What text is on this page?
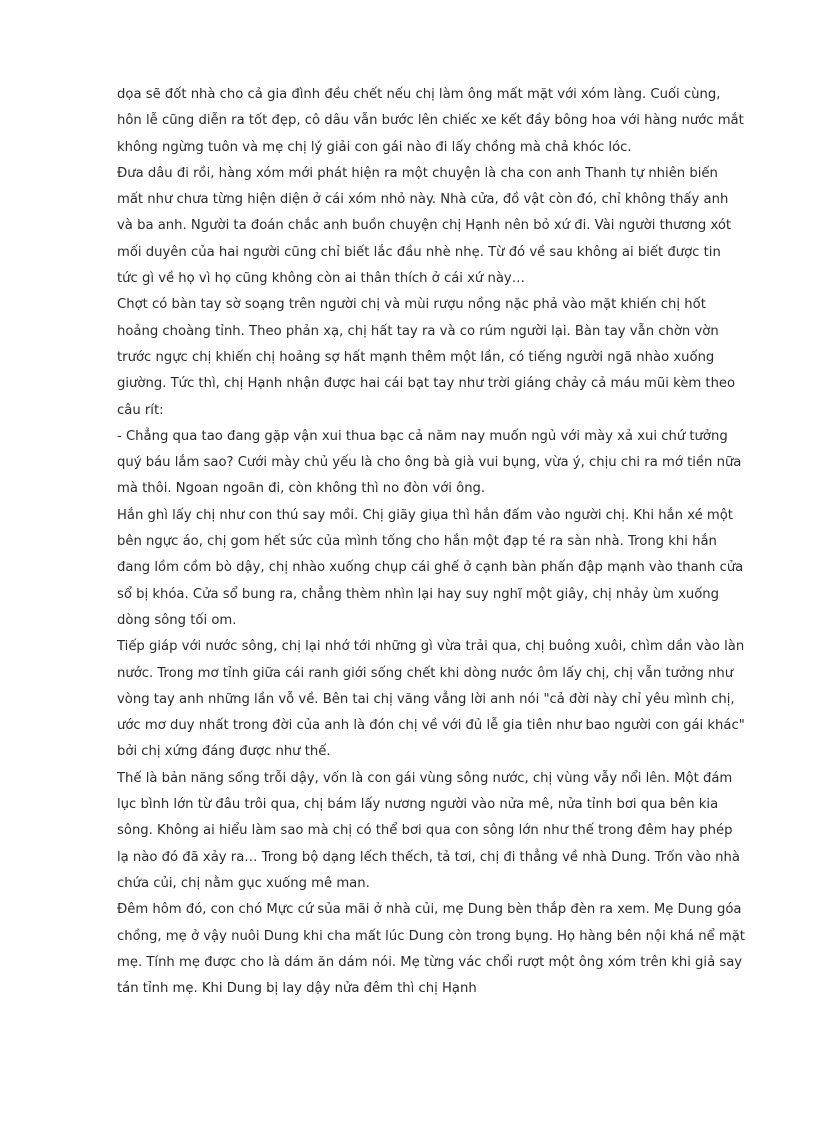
dọa sẽ đốt nhà cho cả gia đình đều chết nếu chị làm ông mất mặt với xóm làng. Cuối cùng, hôn lễ cũng diễn ra tốt đẹp, cô dâu vẫn bước lên chiếc xe kết đầy bông hoa với hàng nước mắt không ngừng tuôn và mẹ chị lý giải con gái nào đi lấy chồng mà chả khóc lóc.

Đưa dâu đi rồi, hàng xóm mới phát hiện ra một chuyện là cha con anh Thanh tự nhiên biến mất như chưa từng hiện diện ở cái xóm nhỏ này. Nhà cửa, đồ vật còn đó, chỉ không thấy anh và ba anh. Người ta đoán chắc anh buồn chuyện chị Hạnh nên bỏ xứ đi. Vài người thương xót mối duyên của hai người cũng chỉ biết lắc đầu nhè nhẹ. Từ đó về sau không ai biết được tin tức gì về họ vì họ cũng không còn ai thân thích ở cái xứ này…

Chợt có bàn tay sờ soạng trên người chị và mùi rượu nồng nặc phả vào mặt khiến chị hốt hoảng choàng tỉnh. Theo phản xạ, chị hất tay ra và co rúm người lại. Bàn tay vẫn chờn vờn trước ngực chị khiến chị hoảng sợ hất mạnh thêm một lần, có tiếng người ngã nhào xuống giường. Tức thì, chị Hạnh nhận được hai cái bạt tay như trời giáng chảy cả máu mũi kèm theo câu rít:

- Chẳng qua tao đang gặp vận xui thua bạc cả năm nay muốn ngủ với mày xả xui chứ tưởng quý báu lắm sao? Cưới mày chủ yếu là cho ông bà già vui bụng, vừa ý, chịu chi ra mớ tiền nữa mà thôi. Ngoan ngoãn đi, còn không thì no đòn với ông.

Hắn ghì lấy chị như con thú say mồi. Chị giãy giụa thì hắn đấm vào người chị. Khi hắn xé một bên ngực áo, chị gom hết sức của mình tống cho hắn một đạp té ra sàn nhà. Trong khi hắn đang lồm cồm bò dậy, chị nhào xuống chụp cái ghế ở cạnh bàn phấn đập mạnh vào thanh cửa sổ bị khóa. Cửa sổ bung ra, chẳng thèm nhìn lại hay suy nghĩ một giây, chị nhảy ùm xuống dòng sông tối om.

Tiếp giáp với nước sông, chị lại nhớ tới những gì vừa trải qua, chị buông xuôi, chìm dần vào làn nước. Trong mơ tỉnh giữa cái ranh giới sống chết khi dòng nước ôm lấy chị, chị vẫn tưởng như vòng tay anh những lần vỗ về. Bên tai chị văng vẳng lời anh nói "cả đời này chỉ yêu mình chị, ước mơ duy nhất trong đời của anh là đón chị về với đủ lễ gia tiên như bao người con gái khác" bởi chị xứng đáng được như thế.

Thế là bản năng sống trỗi dậy, vốn là con gái vùng sông nước, chị vùng vẫy nổi lên. Một đám lục bình lớn từ đâu trôi qua, chị bám lấy nương người vào nửa mê, nửa tỉnh bơi qua bên kia sông. Không ai hiểu làm sao mà chị có thể bơi qua con sông lớn như thế trong đêm hay phép lạ nào đó đã xảy ra… Trong bộ dạng lếch thếch, tả tơi, chị đi thẳng về nhà Dung. Trốn vào nhà chứa củi, chị nằm gục xuống mê man.

Đêm hôm đó, con chó Mực cứ sủa mãi ở nhà củi, mẹ Dung bèn thắp đèn ra xem. Mẹ Dung góa chồng, mẹ ở vậy nuôi Dung khi cha mất lúc Dung còn trong bụng. Họ hàng bên nội khá nể mặt mẹ. Tính mẹ được cho là dám ăn dám nói. Mẹ từng vác chổi rượt một ông xóm trên khi giả say tán tỉnh mẹ. Khi Dung bị lay dậy nửa đêm thì chị Hạnh
